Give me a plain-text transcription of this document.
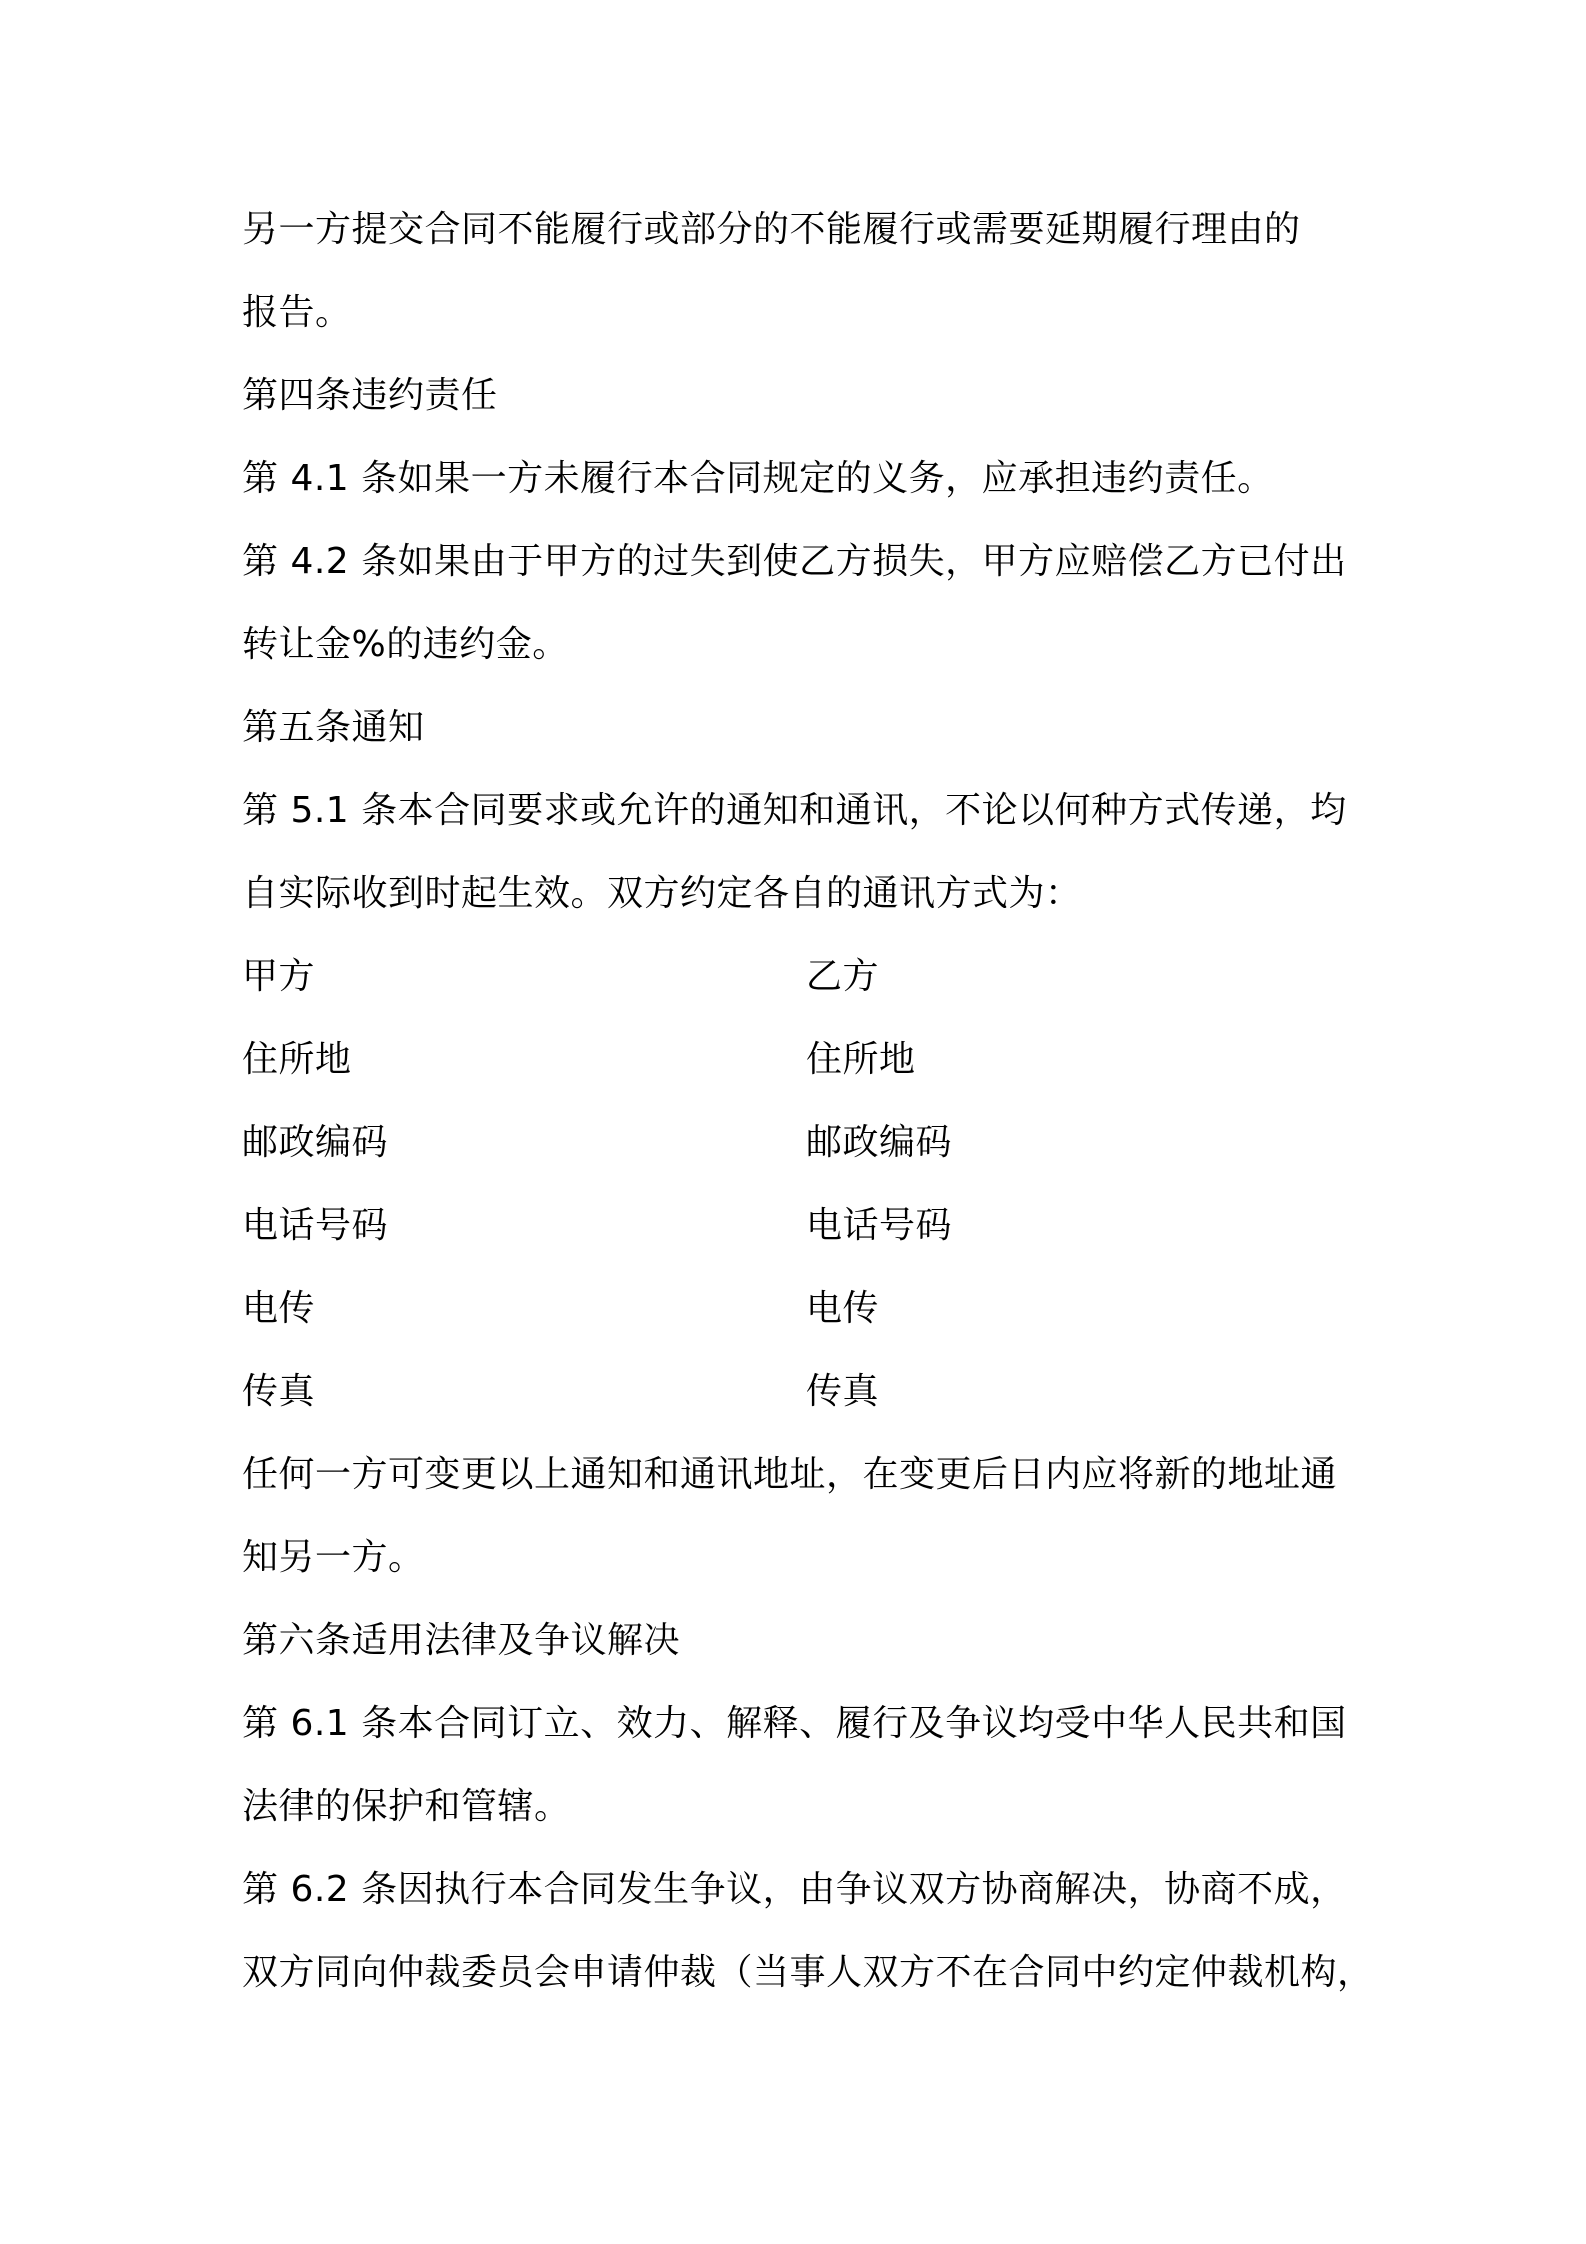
另一方提交合同不能履行或部分的不能履行或需要延期履行理由的
报告。
第四条违约责任
第 4.1 条如果一方未履行本合同规定的义务，应承担违约责任。
第 4.2 条如果由于甲方的过失到使乙方损失，甲方应赔偿乙方已付出
转让金%的违约金。
第五条通知
第 5.1 条本合同要求或允许的通知和通讯，不论以何种方式传递，均
自实际收到时起生效。双方约定各自的通讯方式为：
甲方
住所地
邮政编码
电话号码
电传
传真
乙方
住所地
邮政编码
电话号码
电传
传真
任何一方可变更以上通知和通讯地址，在变更后日内应将新的地址通
知另一方。
第六条适用法律及争议解决
第 6.1 条本合同订立、效力、解释、履行及争议均受中华人民共和国
法律的保护和管辖。
第 6.2 条因执行本合同发生争议，由争议双方协商解决，协商不成，
双方同向仲裁委员会申请仲裁（当事人双方不在合同中约定仲裁机构，
